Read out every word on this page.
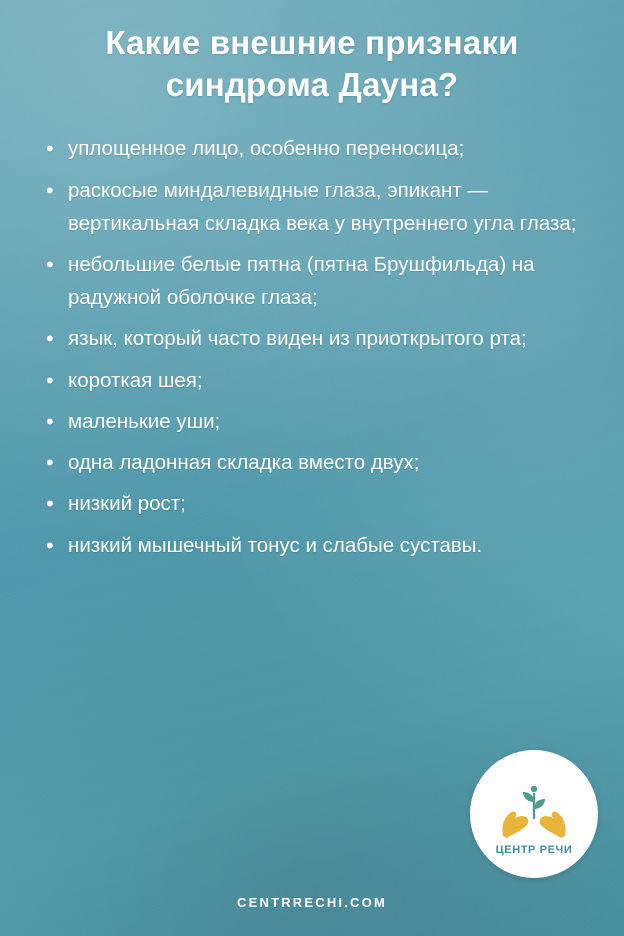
Какие внешние признаки синдрома Дауна?
• уплощенное лицо, особенно переносица;
• раскосые миндалевидные глаза, эпикант — вертикальная складка века у внутреннего угла глаза;
• небольшие белые пятна (пятна Брушфильда) на радужной оболочке глаза;
• язык, который часто виден из приоткрытого рта;
• короткая шея;
• маленькие уши;
• одна ладонная складка вместо двух;
• низкий рост;
• низкий мышечный тонус и слабые суставы.
ЦЕНТР РЕЧИ
CENTRRECHI.COM
